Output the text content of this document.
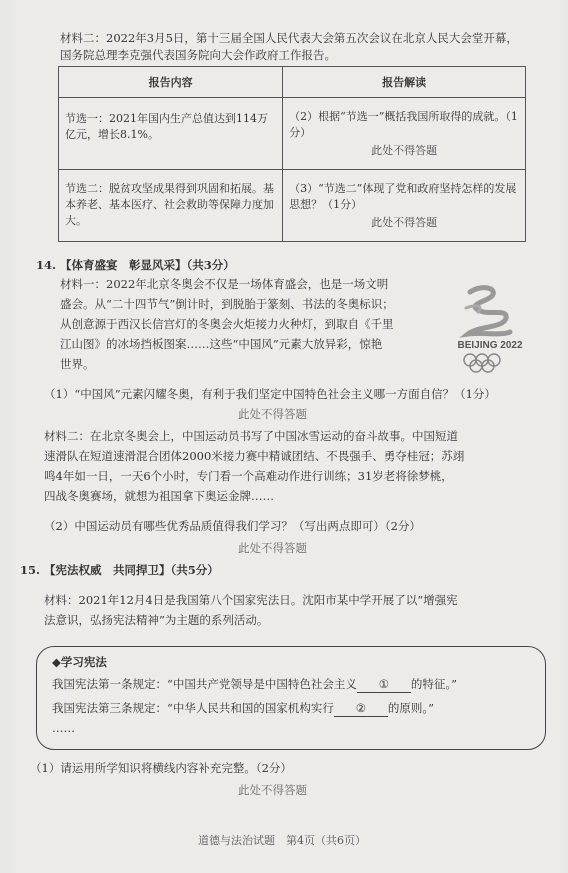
材料二：2022年3月5日，第十三届全国人民代表大会第五次会议在北京人民大会堂开幕，国务院总理李克强代表国务院向大会作政府工作报告。
报告内容	报告解读
节选一：2021年国内生产总值达到114万亿元，增长8.1%。	（2）根据“节选一”概括我国所取得的成就。（1分）
此处不得答题

节选二：脱贫攻坚成果得到巩固和拓展。基本养老、基本医疗、社会救助等保障力度加大。	（3）“节选二”体现了党和政府坚持怎样的发展思想？（1分）
此处不得答题
14. 【体育盛宴　彰显风采】（共3分）
材料一：2022年北京冬奥会不仅是一场体育盛会，也是一场文明
盛会。从“二十四节气”倒计时，到脱胎于篆刻、书法的冬奥标识；
从创意源于西汉长信宫灯的冬奥会火炬接力火种灯，到取自《千里
江山图》的冰场挡板图案……这些“中国风”元素大放异彩，惊艳
世界。
BEIJING 2022
（1）“中国风”元素闪耀冬奥，有利于我们坚定中国特色社会主义哪一方面自信？（1分）
此处不得答题
材料二：在北京冬奥会上，中国运动员书写了中国冰雪运动的奋斗故事。中国短道
速滑队在短道速滑混合团体2000米接力赛中精诚团结、不畏强手、勇夺桂冠；苏翊
鸣4年如一日，一天6个小时，专门看一个高难动作进行训练；31岁老将徐梦桃，
四战冬奥赛场，就想为祖国拿下奥运金牌……
（2）中国运动员有哪些优秀品质值得我们学习？（写出两点即可）（2分）
此处不得答题
15. 【宪法权威　共同捍卫】（共5分）
材料：2021年12月4日是我国第八个国家宪法日。沈阳市某中学开展了以“增强宪
法意识，弘扬宪法精神”为主题的系列活动。
◆学习宪法
我国宪法第一条规定：“中国共产党领导是中国特色社会主义 ① 的特征。”
我国宪法第三条规定：“中华人民共和国的国家机构实行 ② 的原则。”
……
（1）请运用所学知识将横线内容补充完整。（2分）
此处不得答题
道德与法治试题　第4页（共6页）
